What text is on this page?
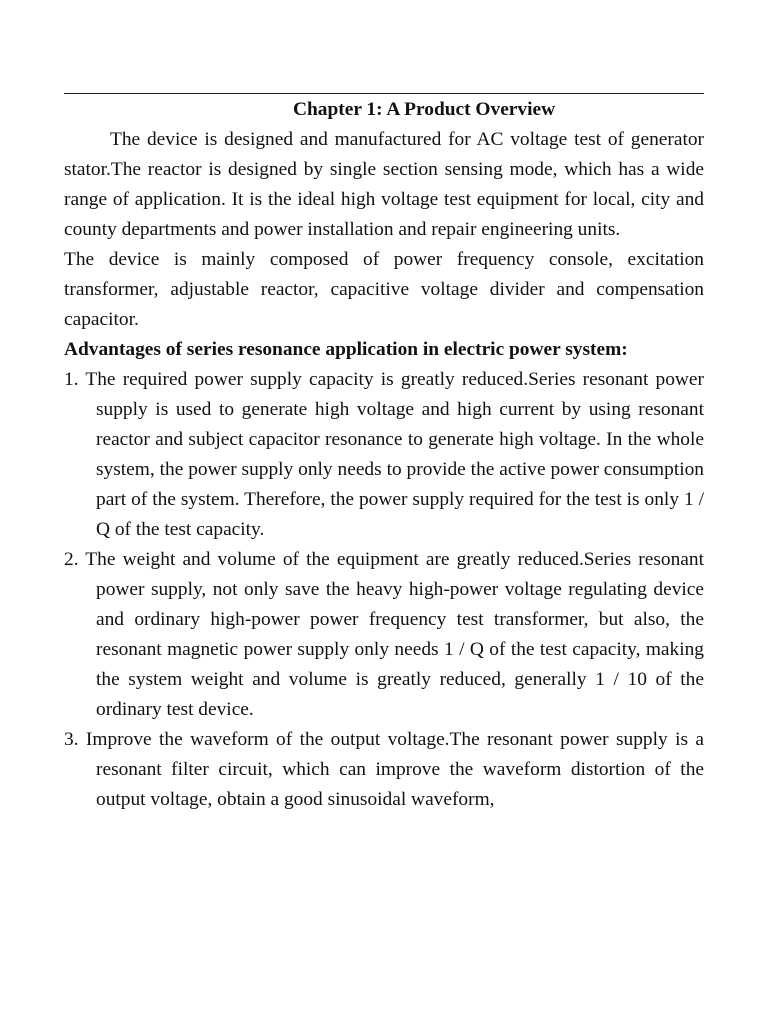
Chapter 1: A Product Overview

The device is designed and manufactured for AC voltage test of generator stator.The reactor is designed by single section sensing mode, which has a wide range of application. It is the ideal high voltage test equipment for local, city and county departments and power installation and repair engineering units.

The device is mainly composed of power frequency console, excitation transformer, adjustable reactor, capacitive voltage divider and compensation capacitor.

Advantages of series resonance application in electric power system:

1. The required power supply capacity is greatly reduced.Series resonant power supply is used to generate high voltage and high current by using resonant reactor and subject capacitor resonance to generate high voltage. In the whole system, the power supply only needs to provide the active power consumption part of the system. Therefore, the power supply required for the test is only 1 / Q of the test capacity.
2. The weight and volume of the equipment are greatly reduced.Series resonant power supply, not only save the heavy high-power voltage regulating device and ordinary high-power power frequency test transformer, but also, the resonant magnetic power supply only needs 1 / Q of the test capacity, making the system weight and volume is greatly reduced, generally 1 / 10 of the ordinary test device.
3. Improve the waveform of the output voltage.The resonant power supply is a resonant filter circuit, which can improve the waveform distortion of the output voltage, obtain a good sinusoidal waveform,
